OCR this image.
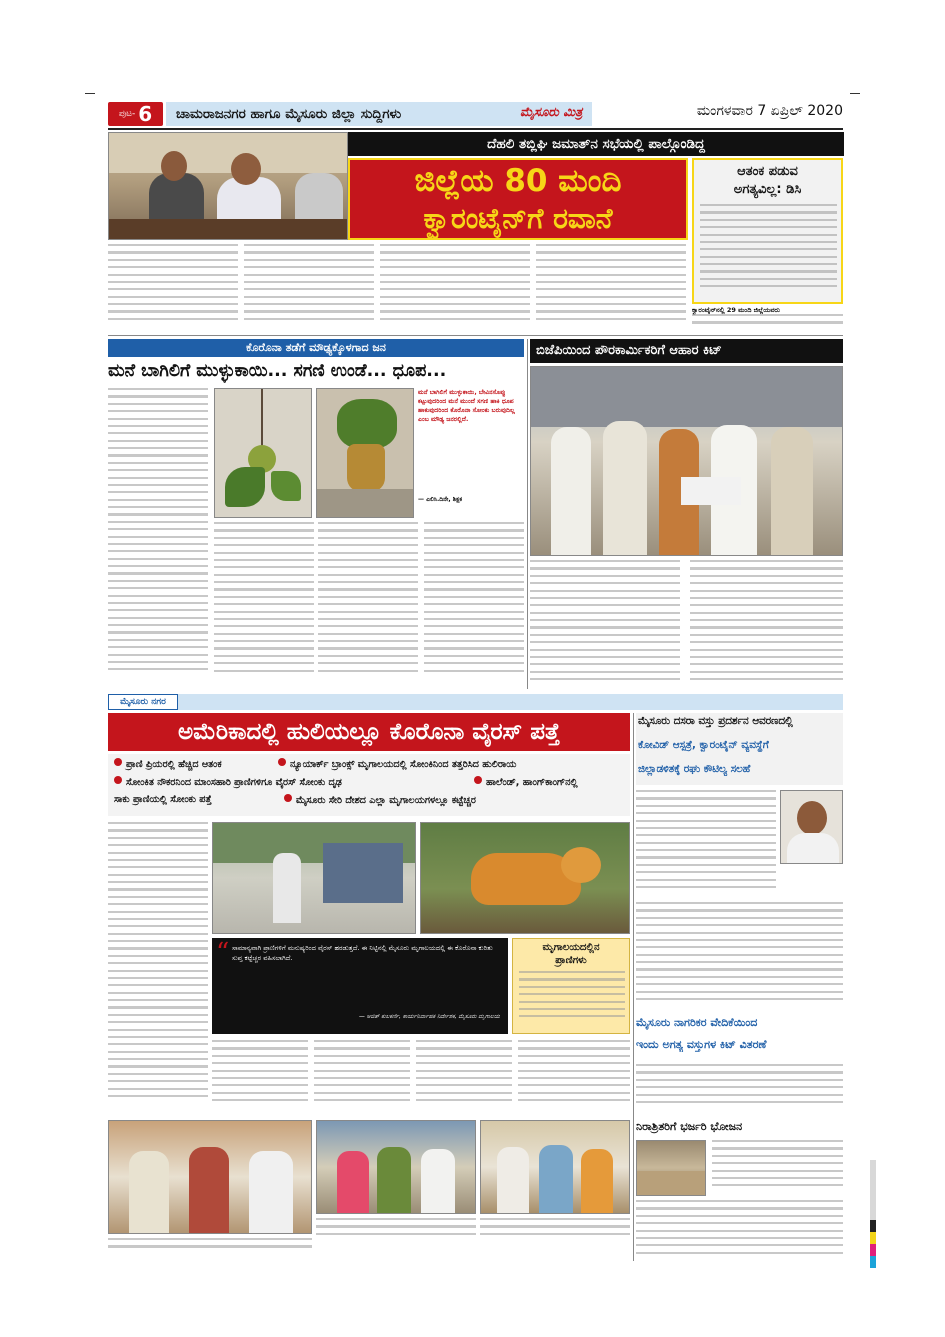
ಪುಟ- 6	ಚಾಮರಾಜನಗರ ಹಾಗೂ ಮೈಸೂರು ಜಿಲ್ಲಾ ಸುದ್ದಿಗಳು	ಮೈಸೂರು ಮಿತ್ರ	ಮಂಗಳವಾರ 7 ಏಪ್ರಿಲ್ 2020
ದೆಹಲಿ ತಬ್ಲಿಘಿ ಜಮಾತ್‌ನ ಸಭೆಯಲ್ಲಿ ಪಾಲ್ಗೊಂಡಿದ್ದ
ಜಿಲ್ಲೆಯ 80 ಮಂದಿ
ಕ್ವಾರಂಟೈನ್‌ಗೆ ರವಾನೆ
ಆತಂಕ ಪಡುವ
ಅಗತ್ಯವಿಲ್ಲ: ಡಿಸಿ
ಕ್ವಾರಂಟೈನ್‌ನಲ್ಲಿ 29 ಮಂದಿ ಜಿಲ್ಲೆಯವರು
ಕೊರೊನಾ ತಡೆಗೆ ಮೌಢ್ಯಕ್ಕೊಳಗಾದ ಜನ
ಮನೆ ಬಾಗಿಲಿಗೆ ಮುಳ್ಳುಕಾಯಿ... ಸಗಣಿ ಉಂಡೆ... ಧೂಪ...
ಮನೆ ಬಾಗಿಲಿಗೆ ಮುಳ್ಳುಕಾಯಿ, ಬೇವಿನಸೊಪ್ಪು ಕಟ್ಟುವುದರಿಂದ ಮನೆ ಮುಂದೆ ಸಗಣಿ ಹಾಕಿ ಧೂಪ ಹಾಕುವುದರಿಂದ ಕೊರೊನಾ ಸೋಂಕು ಬರುವುದಿಲ್ಲ ಎಂಬ ಮೌಢ್ಯ ಜನರಲ್ಲಿದೆ.
— ಎಲಿಸಿ.ದಿನೇ, ಶಿಕ್ಷಕ
ಬಿಜೆಪಿಯಿಂದ ಪೌರಕಾರ್ಮಿಕರಿಗೆ ಆಹಾರ ಕಿಟ್
ಮೈಸೂರು ನಗರ
ಅಮೆರಿಕಾದಲ್ಲಿ ಹುಲಿಯಲ್ಲೂ ಕೊರೊನಾ ವೈರಸ್ ಪತ್ತೆ
ಪ್ರಾಣಿ ಪ್ರಿಯರಲ್ಲಿ ಹೆಚ್ಚಿದ ಆತಂಕ	ನ್ಯೂಯಾರ್ಕ್ ಬ್ರಾಂಕ್ಸ್ ಮೃಗಾಲಯದಲ್ಲಿ ಸೋಂಕಿನಿಂದ ತತ್ತರಿಸಿದ ಹುಲಿರಾಯ
ಸೋಂಕಿತ ನೌಕರನಿಂದ ಮಾಂಸಹಾರಿ ಪ್ರಾಣಿಗಳಿಗೂ ವೈರಸ್ ಸೋಂಕು ದೃಢ	ಹಾಲೆಂಡ್, ಹಾಂಗ್‌ಕಾಂಗ್‌ನಲ್ಲಿ
ಸಾಕು ಪ್ರಾಣಿಯಲ್ಲಿ ಸೋಂಕು ಪತ್ತೆ	ಮೈಸೂರು ಸೇರಿ ದೇಶದ ಎಲ್ಲಾ ಮೃಗಾಲಯಗಳಲ್ಲೂ ಕಟ್ಟೆಚ್ಚರ
“ ಸಾಮಾನ್ಯವಾಗಿ ಪ್ರಾಣಿಗಳಿಗೆ ಮನುಷ್ಯರಿಂದ ವೈರಸ್ ಹರಡುತ್ತದೆ. ಈ ನಿಟ್ಟಿನಲ್ಲಿ ಮೈಸೂರು ಮೃಗಾಲಯದಲ್ಲಿ ಈ ಕೊರೊನಾ ಕುರಿತು ಸುಪ್ತ ಕಟ್ಟೆಚ್ಚರ ವಹಿಸಲಾಗಿದೆ.
— ಅಜಿತ್ ಕುಲಕರ್ಣಿ, ಕಾರ್ಯನಿರ್ವಾಹಕ ನಿರ್ದೇಶಕ, ಮೈಸೂರು ಮೃಗಾಲಯ
ಮೃಗಾಲಯದಲ್ಲಿನ
ಪ್ರಾಣಿಗಳು
ಮೈಸೂರು ದಸರಾ ವಸ್ತು ಪ್ರದರ್ಶನ ಆವರಣದಲ್ಲಿ
ಕೋವಿಡ್ ಆಸ್ಪತ್ರೆ, ಕ್ವಾರಂಟೈನ್ ವ್ಯವಸ್ಥೆಗೆ
ಜಿಲ್ಲಾಡಳಿತಕ್ಕೆ ರಘು ಕೌಟಿಲ್ಯ ಸಲಹೆ
ಮೈಸೂರು ನಾಗರಿಕರ ವೇದಿಕೆಯಿಂದ
ಇಂದು ಅಗತ್ಯ ವಸ್ತುಗಳ ಕಿಟ್ ವಿತರಣೆ
ನಿರಾಶ್ರಿತರಿಗೆ ಭರ್ಜರಿ ಭೋಜನ
